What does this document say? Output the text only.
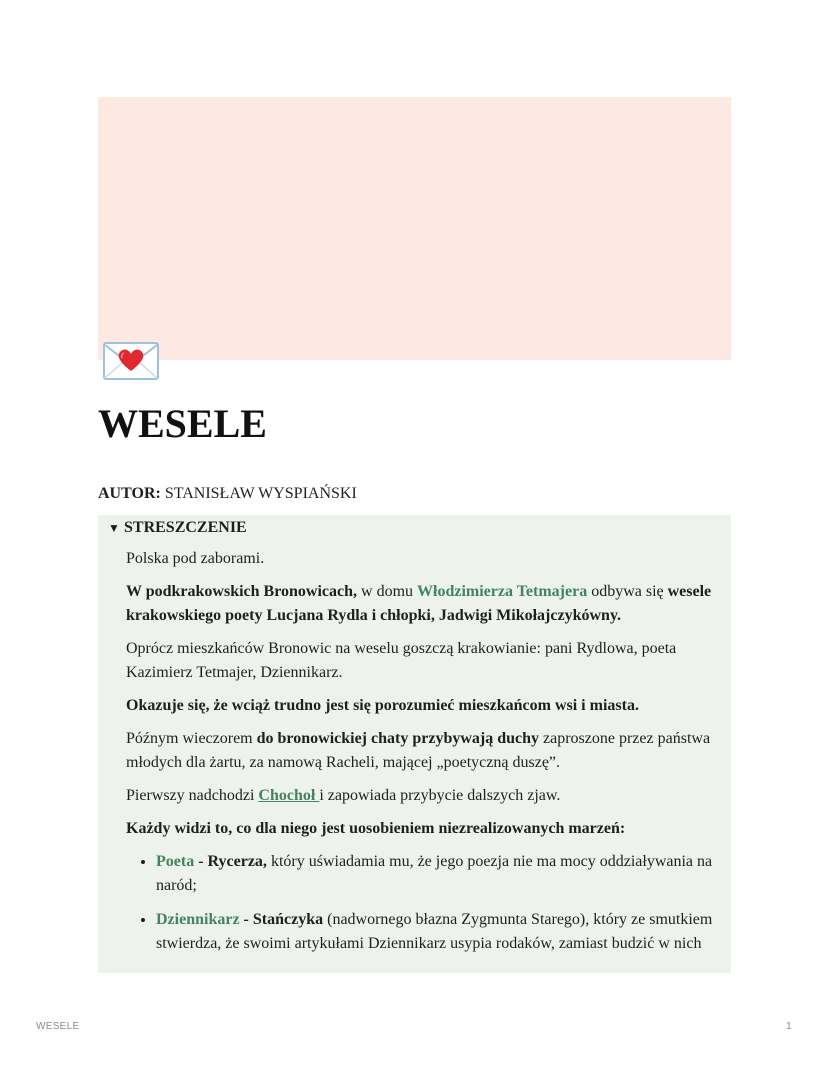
WESELE
AUTOR: STANISŁAW WYSPIAŃSKI
▼ STRESZCZENIE

Polska pod zaborami.

W podkrakowskich Bronowicach, w domu Włodzimierza Tetmajera odbywa się wesele krakowskiego poety Lucjana Rydla i chłopki, Jadwigi Mikołajczykówny.

Oprócz mieszkańców Bronowic na weselu goszczą krakowianie: pani Rydlowa, poeta Kazimierz Tetmajer, Dziennikarz.

Okazuje się, że wciąż trudno jest się porozumieć mieszkańcom wsi i miasta.

Późnym wieczorem do bronowickiej chaty przybywają duchy zaproszone przez państwa młodych dla żartu, za namową Racheli, mającej „poetyczną duszę”.

Pierwszy nadchodzi Chochoł i zapowiada przybycie dalszych zjaw.

Każdy widzi to, co dla niego jest uosobieniem niezrealizowanych marzeń:

• Poeta - Rycerza, który uświadamia mu, że jego poezja nie ma mocy oddziaływania na naród;
• Dziennikarz - Stańczyka (nadwornego błazna Zygmunta Starego), który ze smutkiem stwierdza, że swoimi artykułami Dziennikarz usypia rodaków, zamiast budzić w nich
WESELE	1
